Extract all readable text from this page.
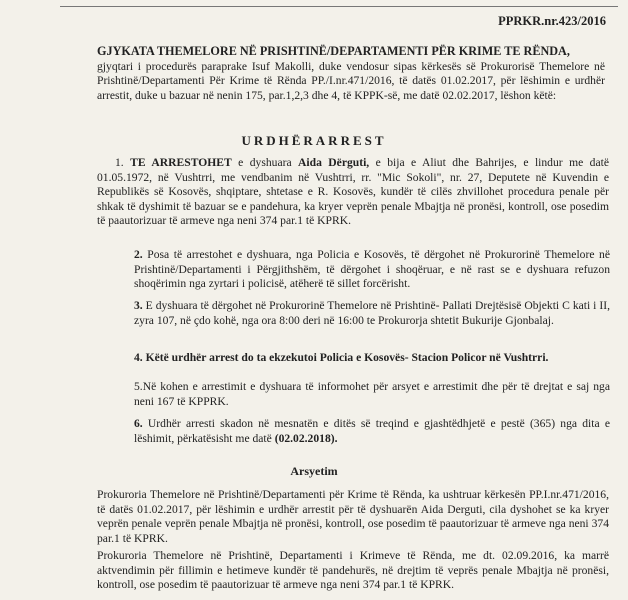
PPRKR.nr.423/2016
GJYKATA THEMELORE NË PRISHTINË/DEPARTAMENTI PËR KRIME TE RËNDA,
gjyqtari i procedurës paraprake Isuf Makolli, duke vendosur sipas kërkesës së Prokurorisë Themelore në Prishtinë/Departamenti Për Krime të Rënda PP./I.nr.471/2016, të datës 01.02.2017, për lëshimin e urdhër arrestit, duke u bazuar në nenin 175, par.1,2,3 dhe 4, të KPPK-së, me datë 02.02.2017, lëshon këtë:
URDHËRARREST
1. TE ARRESTOHET e dyshuara Aida Dërguti, e bija e Aliut dhe Bahrijes, e lindur me datë 01.05.1972, në Vushtrri, me vendbanim në Vushtrri, rr. "Mic Sokoli", nr. 27, Deputete në Kuvendin e Republikës së Kosovës, shqiptare, shtetase e R. Kosovës, kundër të cilës zhvillohet procedura penale për shkak të dyshimit të bazuar se e pandehura, ka kryer veprën penale Mbajtja në pronësi, kontroll, ose posedim të paautorizuar të armeve nga neni 374 par.1 të KPRK.
2. Posa të arrestohet e dyshuara, nga Policia e Kosovës, të dërgohet në Prokurorinë Themelore në Prishtinë/Departamenti i Përgjithshëm, të dërgohet i shoqëruar, e në rast se e dyshuara refuzon shoqërimin nga zyrtari i policisë, atëherë të sillet forcërisht.
3. E dyshuara të dërgohet në Prokurorinë Themelore në Prishtinë- Pallati Drejtësisë Objekti C kati i II, zyra 107, në çdo kohë, nga ora 8:00 deri në 16:00 te Prokurorja shtetit Bukurije Gjonbalaj.
4. Këtë urdhër arrest do ta ekzekutoi Policia e Kosovës- Stacion Policor në Vushtrri.
5.Në kohen e arrestimit e dyshuara të informohet për arsyet e arrestimit dhe për të drejtat e saj nga neni 167 të KPPRK.
6. Urdhër arresti skadon në mesnatën e ditës së treqind e gjashtëdhjetë e pestë (365) nga dita e lëshimit, përkatësisht me datë (02.02.2018).
Arsyetim
Prokuroria Themelore në Prishtinë/Departamenti për Krime të Rënda, ka ushtruar kërkesën PP.I.nr.471/2016, të datës 01.02.2017, për lëshimin e urdhër arrestit për të dyshuarën Aida Derguti, cila dyshohet se ka kryer veprën penale veprën penale Mbajtja në pronësi, kontroll, ose posedim të paautorizuar të armeve nga neni 374 par.1 të KPRK.
Prokuroria Themelore në Prishtinë, Departamenti i Krimeve të Rënda, me dt. 02.09.2016, ka marrë aktvendimin për fillimin e hetimeve kundër të pandehurës, në drejtim të veprës penale Mbajtja në pronësi, kontroll, ose posedim të paautorizuar të armeve nga neni 374 par.1 të KPRK.
